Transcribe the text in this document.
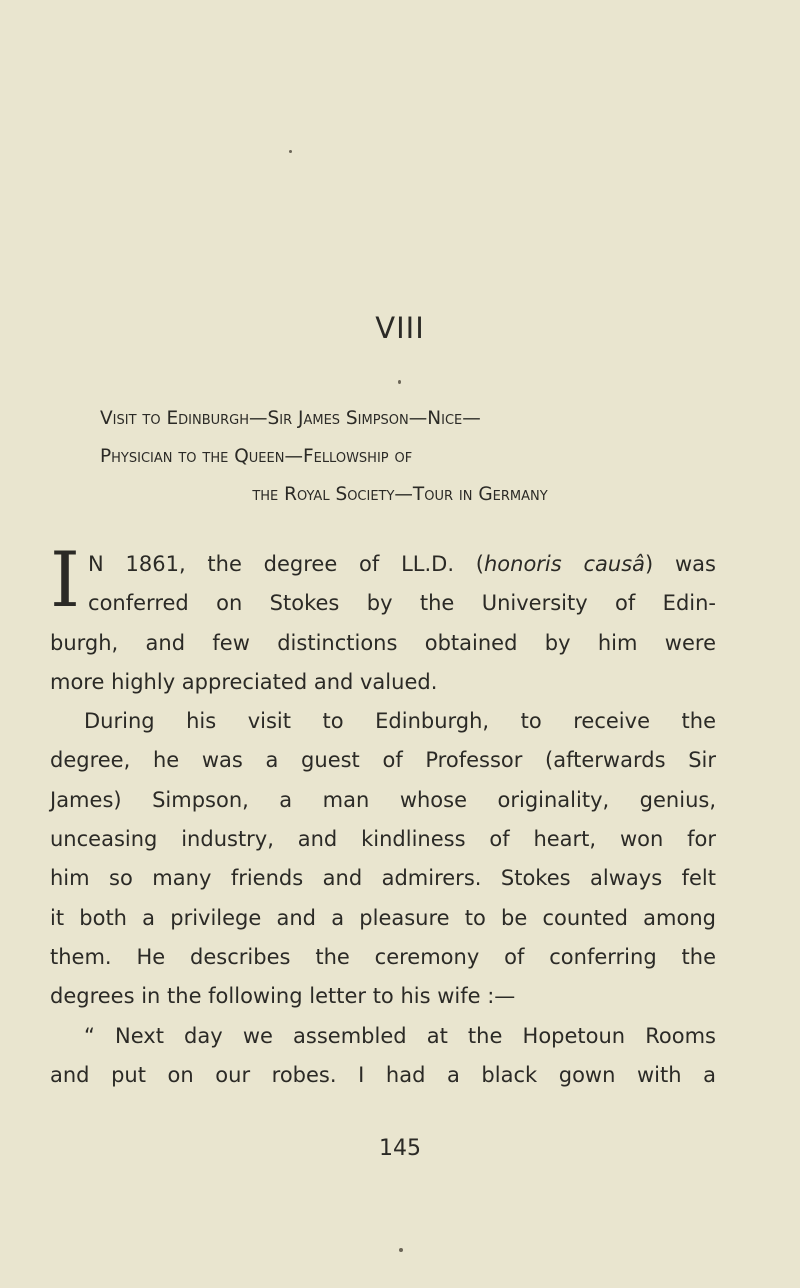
VIII
Visit to Edinburgh—Sir James Simpson—Nice—
Physician to the Queen—Fellowship of
the Royal Society—Tour in Germany
I N 1861, the degree of LL.D. (honoris causâ) was
conferred on Stokes by the University of Edin-
burgh, and few distinctions obtained by him were
more highly appreciated and valued.
During his visit to Edinburgh, to receive the
degree, he was a guest of Professor (afterwards Sir
James) Simpson, a man whose originality, genius,
unceasing industry, and kindliness of heart, won for
him so many friends and admirers. Stokes always felt
it both a privilege and a pleasure to be counted among
them. He describes the ceremony of conferring the
degrees in the following letter to his wife :—
“ Next day we assembled at the Hopetoun Rooms
and put on our robes. I had a black gown with a
145
